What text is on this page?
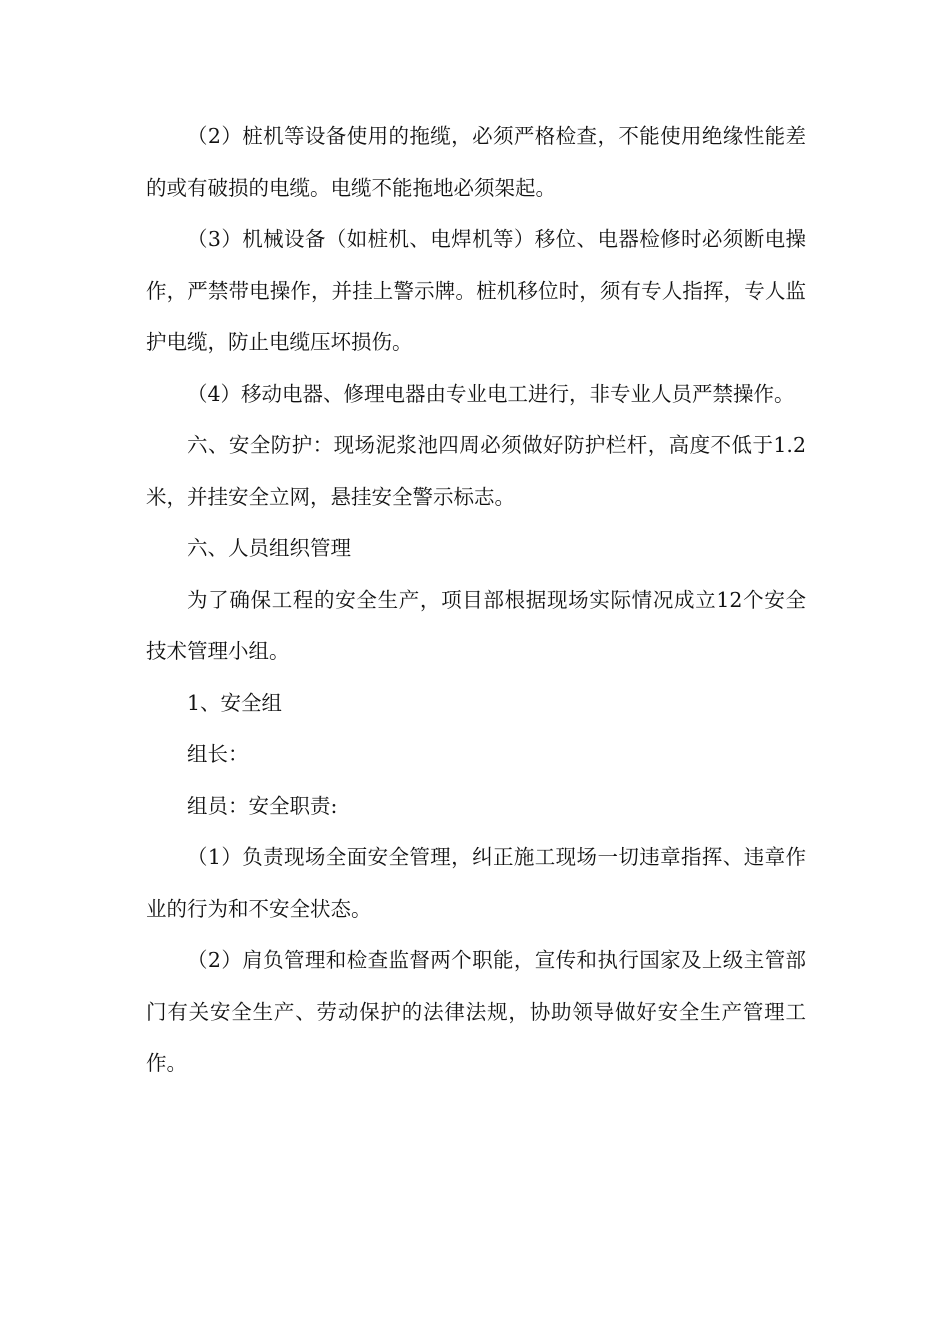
（2）桩机等设备使用的拖缆，必须严格检查，不能使用绝缘性能差的或有破损的电缆。电缆不能拖地必须架起。

（3）机械设备（如桩机、电焊机等）移位、电器检修时必须断电操作，严禁带电操作，并挂上警示牌。桩机移位时，须有专人指挥，专人监护电缆，防止电缆压坏损伤。

（4）移动电器、修理电器由专业电工进行，非专业人员严禁操作。

六、安全防护：现场泥浆池四周必须做好防护栏杆，高度不低于1.2米，并挂安全立网，悬挂安全警示标志。

六、人员组织管理

为了确保工程的安全生产，项目部根据现场实际情况成立12个安全技术管理小组。

1、安全组

组长：

组员：安全职责:

（1）负责现场全面安全管理，纠正施工现场一切违章指挥、违章作业的行为和不安全状态。

（2）肩负管理和检查监督两个职能，宣传和执行国家及上级主管部门有关安全生产、劳动保护的法律法规，协助领导做好安全生产管理工作。
